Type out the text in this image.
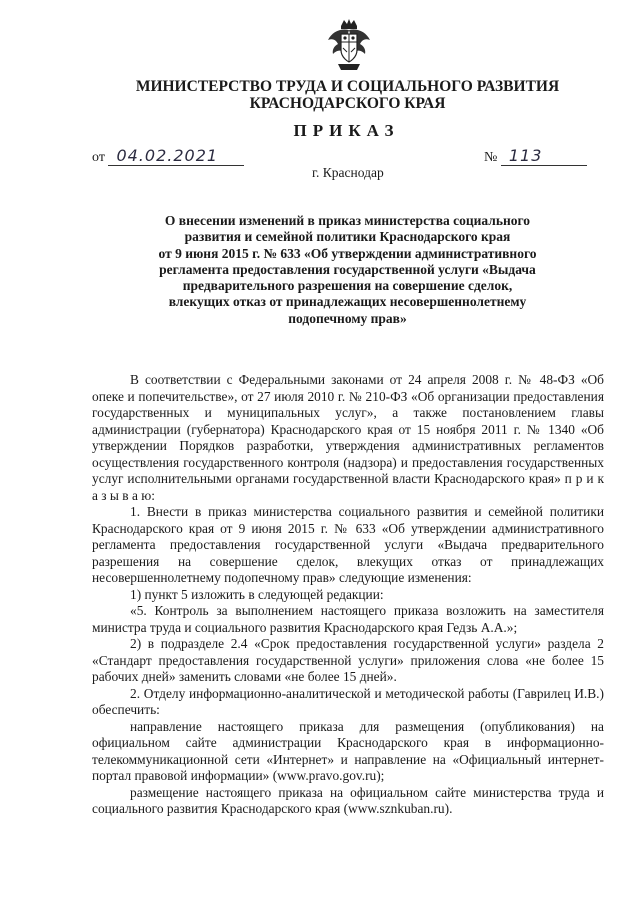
МИНИСТЕРСТВО ТРУДА И СОЦИАЛЬНОГО РАЗВИТИЯ

КРАСНОДАРСКОГО КРАЯ

ПРИКАЗ

от 04.02.2021	№ 113
г. Краснодар
О внесении изменений в приказ министерства социального
развития и семейной политики Краснодарского края
от 9 июня 2015 г. № 633 «Об утверждении административного
регламента предоставления государственной услуги «Выдача
предварительного разрешения на совершение сделок,
влекущих отказ от принадлежащих несовершеннолетнему
подопечному прав»

В соответствии с Федеральными законами от 24 апреля 2008 г. № 48-ФЗ «Об опеке и попечительстве», от 27 июля 2010 г. № 210-ФЗ «Об организации предоставления государственных и муниципальных услуг», а также постановлением главы администрации (губернатора) Краснодарского края от 15 ноября 2011 г. № 1340 «Об утверждении Порядков разработки, утверждения административных регламентов осуществления государственного контроля (надзора) и предоставления государственных услуг исполнительными органами государственной власти Краснодарского края» п р и к а з ы в а ю:

1. Внести в приказ министерства социального развития и семейной политики Краснодарского края от 9 июня 2015 г. № 633 «Об утверждении административного регламента предоставления государственной услуги «Выдача предварительного разрешения на совершение сделок, влекущих отказ от принадлежащих несовершеннолетнему подопечному прав» следующие изменения:

1) пункт 5 изложить в следующей редакции:

«5. Контроль за выполнением настоящего приказа возложить на заместителя министра труда и социального развития Краснодарского края Гедзь А.А.»;

2) в подразделе 2.4 «Срок предоставления государственной услуги» раздела 2 «Стандарт предоставления государственной услуги» приложения слова «не более 15 рабочих дней» заменить словами «не более 15 дней».

2. Отделу информационно-аналитической и методической работы (Гаврилец И.В.) обеспечить:

направление настоящего приказа для размещения (опубликования) на официальном сайте администрации Краснодарского края в информационно-телекоммуникационной сети «Интернет» и направление на «Официальный интернет-портал правовой информации» (www.pravo.gov.ru);

размещение настоящего приказа на официальном сайте министерства труда и социального развития Краснодарского края (www.sznkuban.ru).
